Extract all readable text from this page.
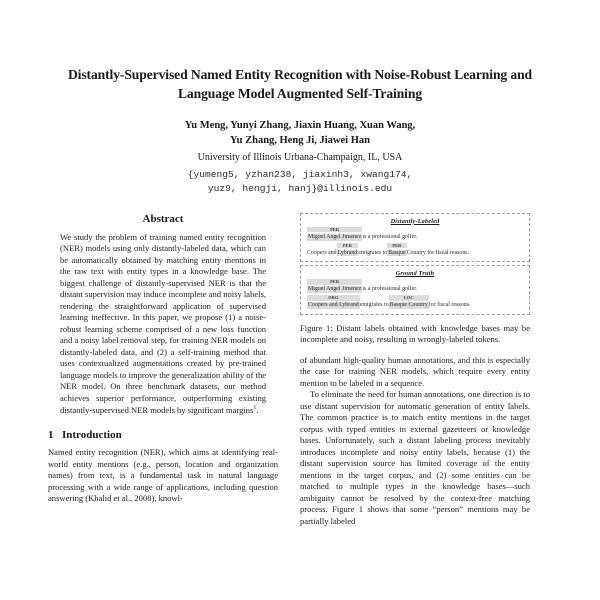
Distantly-Supervised Named Entity Recognition with Noise-Robust Learning and Language Model Augmented Self-Training
Yu Meng, Yunyi Zhang, Jiaxin Huang, Xuan Wang,
Yu Zhang, Heng Ji, Jiawei Han
University of Illinois Urbana-Champaign, IL, USA
{yumeng5, yzhan238, jiaxinh3, xwang174,
yuz9, hengji, hanj}@illinois.edu
Abstract

We study the problem of training named entity recognition (NER) models using only distantly-labeled data, which can be automatically obtained by matching entity mentions in the raw text with entity types in a knowledge base. The biggest challenge of distantly-supervised NER is that the distant supervision may induce incomplete and noisy labels, rendering the straightforward application of supervised learning ineffective. In this paper, we propose (1) a noise-robust learning scheme comprised of a new loss function and a noisy label removal step, for training NER models on distantly-labeled data, and (2) a self-training method that uses contextualized augmentations created by pre-trained language models to improve the generalization ability of the NER model. On three benchmark datasets, our method achieves superior performance, outperforming existing distantly-supervised NER models by significant margins$^1$.

1 Introduction

Named entity recognition (NER), which aims at identifying real-world entity mentions (e.g., person, location and organization names) from text, is a fundamental task in natural language processing with a wide range of applications, including question answering (Khalid et al., 2008), knowl-

Distantly-Labeled
PER
Miguel Angel Jimenezis a professional golfer.
Coopers and
PER
Lybrandemigrates to
PER
BasqueCountry for fiscal reasons.
Ground Truth
PER
Miguel Angel Jimenezis a professional golfer.
ORG
Coopers and Lybrandemigrates to
LOC
Basque Countryfor fiscal reasons.
Figure 1: Distant labels obtained with knowledge bases may be incomplete and noisy, resulting in wrongly-labeled tokens.

of abundant high-quality human annotations, and this is especially the case for training NER models, which require every entity mention to be labeled in a sequence.

To eliminate the need for human annotations, one direction is to use distant supervision for automatic generation of entity labels. The common practice is to match entity mentions in the target corpus with typed entities in external gazetteers or knowledge bases. Unfortunately, such a distant labeling process inevitably introduces incomplete and noisy entity labels, because (1) the distant supervision source has limited coverage of the entity mentions in the target corpus, and (2) some entities can be matched to multiple types in the knowledge bases—such ambiguity cannot be resolved by the context-free matching process. Figure 1 shows that some “person” mentions may be partially labeled
